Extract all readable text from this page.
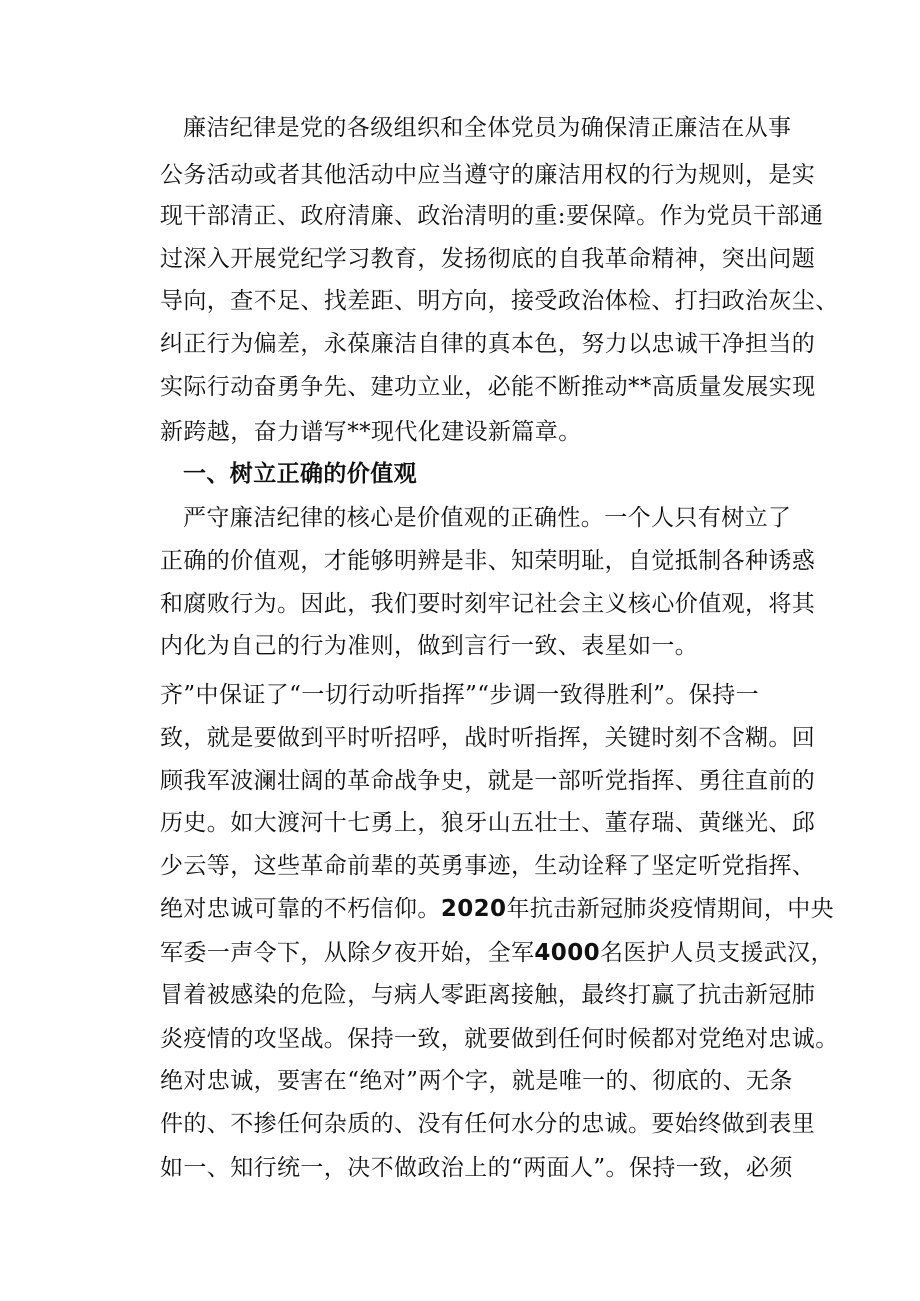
廉洁纪律是党的各级组织和全体党员为确保清正廉洁在从事
公务活动或者其他活动中应当遵守的廉洁用权的行为规则，是实
现干部清正、政府清廉、政治清明的重:要保障。作为党员干部通
过深入开展党纪学习教育，发扬彻底的自我革命精神，突出问题
导向，查不足、找差距、明方向，接受政治体检、打扫政治灰尘、
纠正行为偏差，永葆廉洁自律的真本色，努力以忠诚干净担当的
实际行动奋勇争先、建功立业，必能不断推动**高质量发展实现
新跨越，奋力谱写**现代化建设新篇章。
一、树立正确的价值观
严守廉洁纪律的核心是价值观的正确性。一个人只有树立了
正确的价值观，才能够明辨是非、知荣明耻，自觉抵制各种诱惑
和腐败行为。因此，我们要时刻牢记社会主义核心价值观，将其
内化为自己的行为准则，做到言行一致、表星如一。
齐”中保证了“一切行动听指挥”“步调一致得胜利”。保持一
致，就是要做到平时听招呼，战时听指挥，关键时刻不含糊。回
顾我军波澜壮阔的革命战争史，就是一部听党指挥、勇往直前的
历史。如大渡河十七勇上，狼牙山五壮士、董存瑞、黄继光、邱
少云等，这些革命前辈的英勇事迹，生动诠释了坚定听党指挥、
绝对忠诚可靠的不朽信仰。2020年抗击新冠肺炎疫情期间，中央
军委一声令下，从除夕夜开始，全军4000名医护人员支援武汉，
冒着被感染的危险，与病人零距离接触，最终打赢了抗击新冠肺
炎疫情的攻坚战。保持一致，就要做到任何时候都对党绝对忠诚。
绝对忠诚，要害在“绝对”两个字，就是唯一的、彻底的、无条
件的、不掺任何杂质的、没有任何水分的忠诚。要始终做到表里
如一、知行统一，决不做政治上的“两面人”。保持一致，必须
